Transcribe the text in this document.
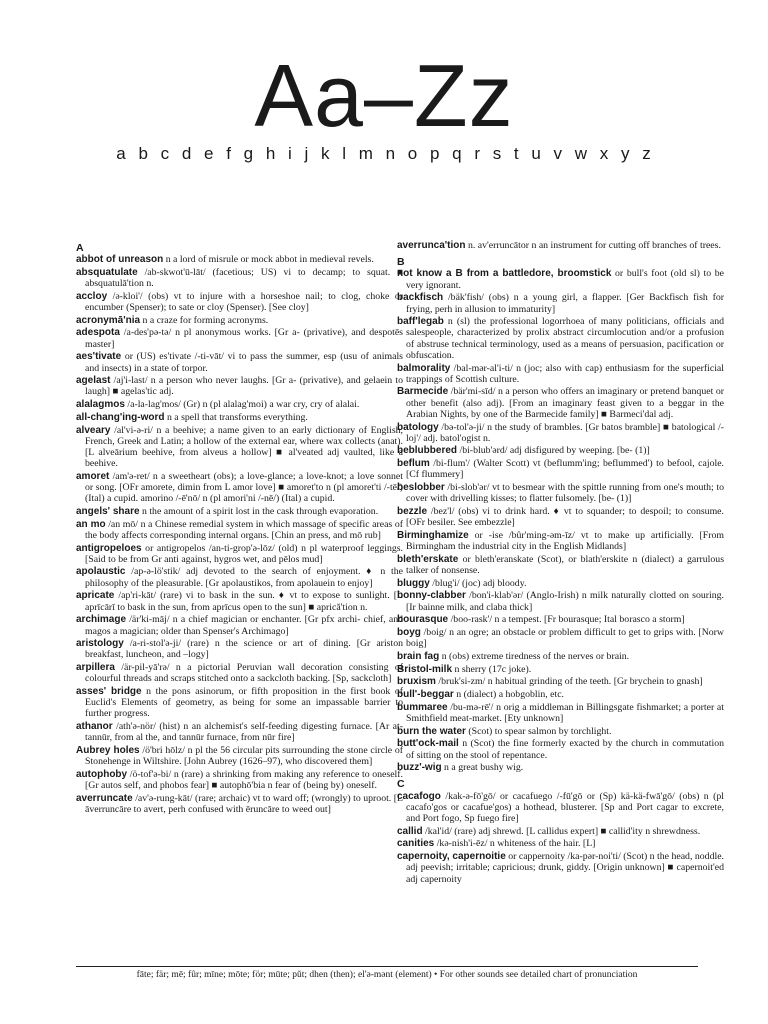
Aa–Zz
a b c d e f g h i j k l m n o p q r s t u v w x y z
A
abbot of unreason n a lord of misrule or mock abbot in medieval revels.
absquatulate /ab-skwot'ū-lāt/ (facetious; US) vi to decamp; to squat. ■ absquatulā'tion n.
accloy /ə-kloi'/ (obs) vt to injure with a horseshoe nail; to clog, choke or encumber (Spenser); to sate or cloy (Spenser). [See cloy]
acronymā'nia n a craze for forming acronyms.
adespota /a-des'pə-tə/ n pl anonymous works. [Gr a- (privative), and despotēs master]
aes'tivate or (US) es'tivate /-ti-vāt/ vi to pass the summer, esp (usu of animals and insects) in a state of torpor.
agelast /aj'i-last/ n a person who never laughs. [Gr a- (privative), and gelaein to laugh] ■ agelas'tic adj.
alalagmos /a-la-lag'mos/ (Gr) n (pl alalag'moi) a war cry, cry of alalai.
all-chang'ing-word n a spell that transforms everything.
alveary /al'vi-ə-ri/ n a beehive; a name given to an early dictionary of English, French, Greek and Latin; a hollow of the external ear, where wax collects (anat). [L alveārium beehive, from alveus a hollow] ■ al'veated adj vaulted, like a beehive.
amoret /am'ə-ret/ n a sweetheart (obs); a love-glance; a love-knot; a love sonnet or song. [OFr amorete, dimin from L amor love] ■ amoret'to n (pl amoret'ti /-tē/) (Ital) a cupid. amorino /-ē'nō/ n (pl amori'ni /-nē/) (Ital) a cupid.
angels' share n the amount of a spirit lost in the cask through evaporation.
an mo /an mō/ n a Chinese remedial system in which massage of specific areas of the body affects corresponding internal organs. [Chin an press, and mō rub]
antigropeloes or antigropelos /an-ti-grop'ə-lōz/ (old) n pl waterproof leggings. [Said to be from Gr anti against, hygros wet, and pēlos mud]
apolaustic /ap-ə-lö'stik/ adj devoted to the search of enjoyment. ♦ n the philosophy of the pleasurable. [Gr apolaustikos, from apolauein to enjoy]
apricate /ap'ri-kāt/ (rare) vi to bask in the sun. ♦ vt to expose to sunlight. [L aprīcārī to bask in the sun, from aprīcus open to the sun] ■ aprică'tion n.
archimage /är'ki-māj/ n a chief magician or enchanter. [Gr pfx archi- chief, and magos a magician; older than Spenser's Archimago]
aristology /a-ri-stol'ə-ji/ (rare) n the science or art of dining. [Gr ariston breakfast, luncheon, and –logy]
arpillera /är-pil-yā'rə/ n a pictorial Peruvian wall decoration consisting of colourful threads and scraps stitched onto a sackcloth backing. [Sp, sackcloth]
asses' bridge n the pons asinorum, or fifth proposition in the first book of Euclid's Elements of geometry, as being for some an impassable barrier to further progress.
athanor /ath'ə-nör/ (hist) n an alchemist's self-feeding digesting furnace. [Ar at-tannūr, from al the, and tannūr furnace, from nūr fire]
Aubrey holes /ö'bri hōlz/ n pl the 56 circular pits surrounding the stone circle of Stonehenge in Wiltshire. [John Aubrey (1626–97), who discovered them]
autophoby /ö-tof'ə-bi/ n (rare) a shrinking from making any reference to oneself. [Gr autos self, and phobos fear] ■ autophō'bia n fear of (being by) oneself.
averruncate /av'ə-rung-kāt/ (rare; archaic) vt to ward off; (wrongly) to uproot. [L āverruncāre to avert, perh confused with ēruncāre to weed out]
averrunca'tion n. av'erruncātor n an instrument for cutting off branches of trees.
B
not know a B from a battledore, broomstick or bull's foot (old sl) to be very ignorant.
backfisch /bäk'fish/ (obs) n a young girl, a flapper. [Ger Backfisch fish for frying, perh in allusion to immaturity]
baff'legab n (sl) the professional logorrhoea of many politicians, officials and salespeople, characterized by prolix abstract circumlocution and/or a profusion of abstruse technical terminology, used as a means of persuasion, pacification or obfuscation.
balmorality /bal-mər-al'i-ti/ n (joc; also with cap) enthusiasm for the superficial trappings of Scottish culture.
Barmecide /bär'mi-sīd/ n a person who offers an imaginary or pretend banquet or other benefit (also adj). [From an imaginary feast given to a beggar in the Arabian Nights, by one of the Barmecide family] ■ Barmeci'dal adj.
batology /bə-tol'ə-ji/ n the study of brambles. [Gr batos bramble] ■ batological /-loj'/ adj. batol'ogist n.
beblubbered /bi-blub'ərd/ adj disfigured by weeping. [be- (1)]
beflum /bi-flum'/ (Walter Scott) vt (beflumm'ing; beflummed') to befool, cajole. [Cf flummery]
beslobber /bi-slob'ər/ vt to besmear with the spittle running from one's mouth; to cover with drivelling kisses; to flatter fulsomely. [be- (1)]
bezzle /bez'l/ (obs) vi to drink hard. ♦ vt to squander; to despoil; to consume. [OFr besiler. See embezzle]
Birminghamize or -ise /bûr'ming-əm-īz/ vt to make up artificially. [From Birmingham the industrial city in the English Midlands]
bleth'erskate or bleth'eranskate (Scot), or blath'erskite n (dialect) a garrulous talker of nonsense.
bluggy /blug'i/ (joc) adj bloody.
bonny-clabber /bon'i-klab'ər/ (Anglo-Irish) n milk naturally clotted on souring. [Ir bainne milk, and claba thick]
bourasque /boo-rask'/ n a tempest. [Fr bourasque; Ital borasco a storm]
boyg /boig/ n an ogre; an obstacle or problem difficult to get to grips with. [Norw boig]
brain fag n (obs) extreme tiredness of the nerves or brain.
Bristol-milk n sherry (17c joke).
bruxism /bruk'si-zm/ n habitual grinding of the teeth. [Gr brychein to gnash]
bull'-beggar n (dialect) a hobgoblin, etc.
bummaree /bu-mə-rē'/ n orig a middleman in Billingsgate fishmarket; a porter at Smithfield meat-market. [Ety unknown]
burn the water (Scot) to spear salmon by torchlight.
butt'ock-mail n (Scot) the fine formerly exacted by the church in commutation of sitting on the stool of repentance.
buzz'-wig n a great bushy wig.
C
cacafogo /kak-ə-fō'gō/ or cacafuego /-fū'gō or (Sp) kä-kä-fwā'gō/ (obs) n (pl cacafo'gos or cacafue'gos) a hothead, blusterer. [Sp and Port cagar to excrete, and Port fogo, Sp fuego fire]
callid /kal'id/ (rare) adj shrewd. [L callidus expert] ■ callid'ity n shrewdness.
canities /kə-nish'i-ēz/ n whiteness of the hair. [L]
capernoity, capernoitie or cappernoity /ka-pər-noi'ti/ (Scot) n the head, noddle. adj peevish; irritable; capricious; drunk, giddy. [Origin unknown] ■ capernoit'ed adj capernoity
fāte; fär; mē; fûr; mīne; mōte; för; mūte; pŭt; dhen (then); el'ə-mənt (element) • For other sounds see detailed chart of pronunciation
